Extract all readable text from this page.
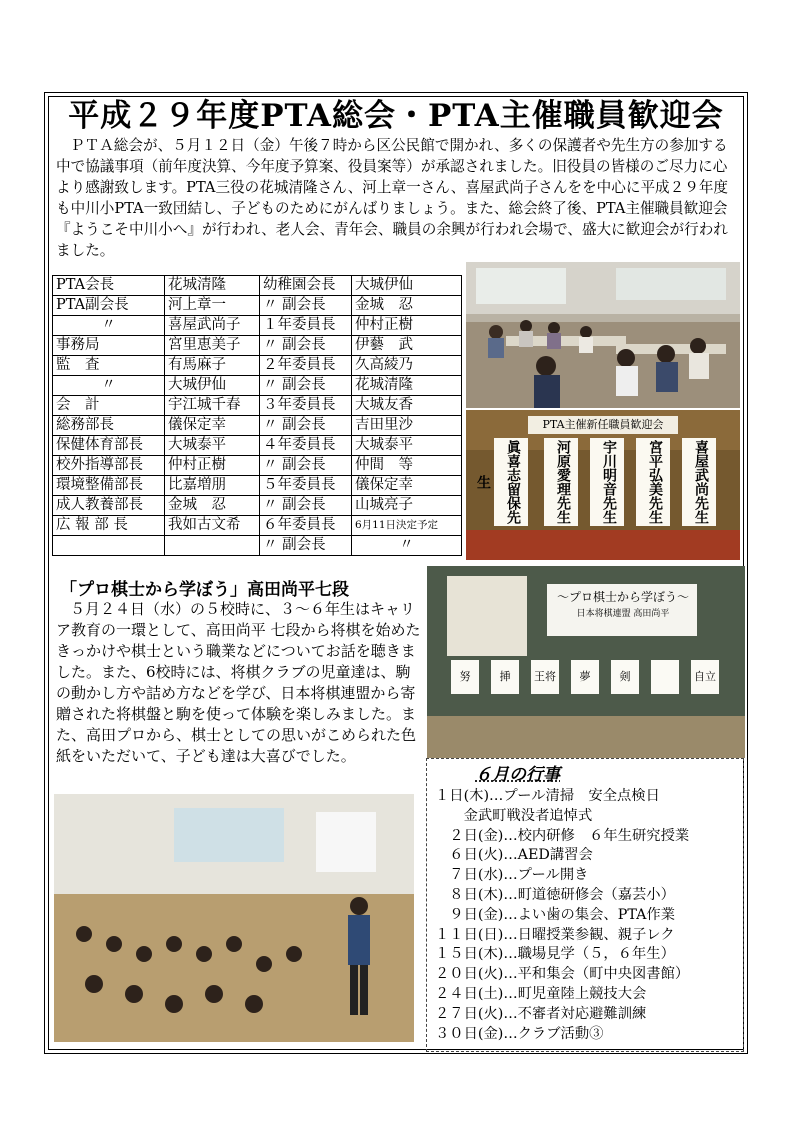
平成２９年度PTA総会・PTA主催職員歓迎会

ＰＴＡ総会が、５月１２日（金）午後７時から区公民館で開かれ、多くの保護者や先生方の参加する中で協議事項（前年度決算、今年度予算案、役員案等）が承認されました。旧役員の皆様のご尽力に心より感謝致します。PTA三役の花城清隆さん、河上章一さん、喜屋武尚子さんをを中心に平成２９年度も中川小PTA一致団結し、子どものためにがんばりましょう。また、総会終了後、PTA主催職員歓迎会『ようこそ中川小へ』が行われ、老人会、青年会、職員の余興が行われ会場で、盛大に歓迎会が行われました。

PTA会長	花城清隆	幼稚園会長	大城伊仙
PTA副会長	河上章一	〃 副会長	金城　忍
〃	喜屋武尚子	１年委員長	仲村正樹
事務局	宮里恵美子	〃 副会長	伊藝　武
監　査	有馬麻子	２年委員長	久高綾乃
〃	大城伊仙	〃 副会長	花城清隆
会　計	宇江城千春	３年委員長	大城友香
総務部長	儀保定幸	〃 副会長	吉田里沙
保健体育部長	大城泰平	４年委員長	大城泰平
校外指導部長	仲村正樹	〃 副会長	仲間　等
環境整備部長	比嘉増朋	５年委員長	儀保定幸
成人教養部長	金城　忍	〃 副会長	山城亮子
広 報 部 長	我如古文希	６年委員長	6月11日決定予定
		〃 副会長	〃
PTA主催新任職員歓迎会
喜屋武尚先生
宮平弘美先生
宇川明音先生
河原愛理先生
眞喜志留保先生
～プロ棋士から学ぼう～
日本将棋連盟 高田尚平
努	挿	王将	夢	剣	自立
「プロ棋士から学ぼう」高田尚平七段

５月２４日（水）の５校時に、３～６年生はキャリア教育の一環として、高田尚平 七段から将棋を始めたきっかけや棋士という職業などについてお話を聴きました。また、6校時には、将棋クラブの児童達は、駒の動かし方や詰め方などを学び、日本将棋連盟から寄贈された将棋盤と駒を使って体験を楽しみました。また、高田プロから、棋士としての思いがこめられた色紙をいただいて、子ども達は大喜びでした。

６月の行事
１日(木)…プール清掃　安全点検日
　　金武町戦没者追悼式
　２日(金)…校内研修　６年生研究授業
　６日(火)…AED講習会
　７日(水)…プール開き
　８日(木)…町道徳研修会（嘉芸小）
　９日(金)…よい歯の集会、PTA作業
１１日(日)…日曜授業参観、親子レク
１５日(木)…職場見学（５，６年生）
２０日(火)…平和集会（町中央図書館）
２４日(土)…町児童陸上競技大会
２７日(火)…不審者対応避難訓練
３０日(金)…クラブ活動③
